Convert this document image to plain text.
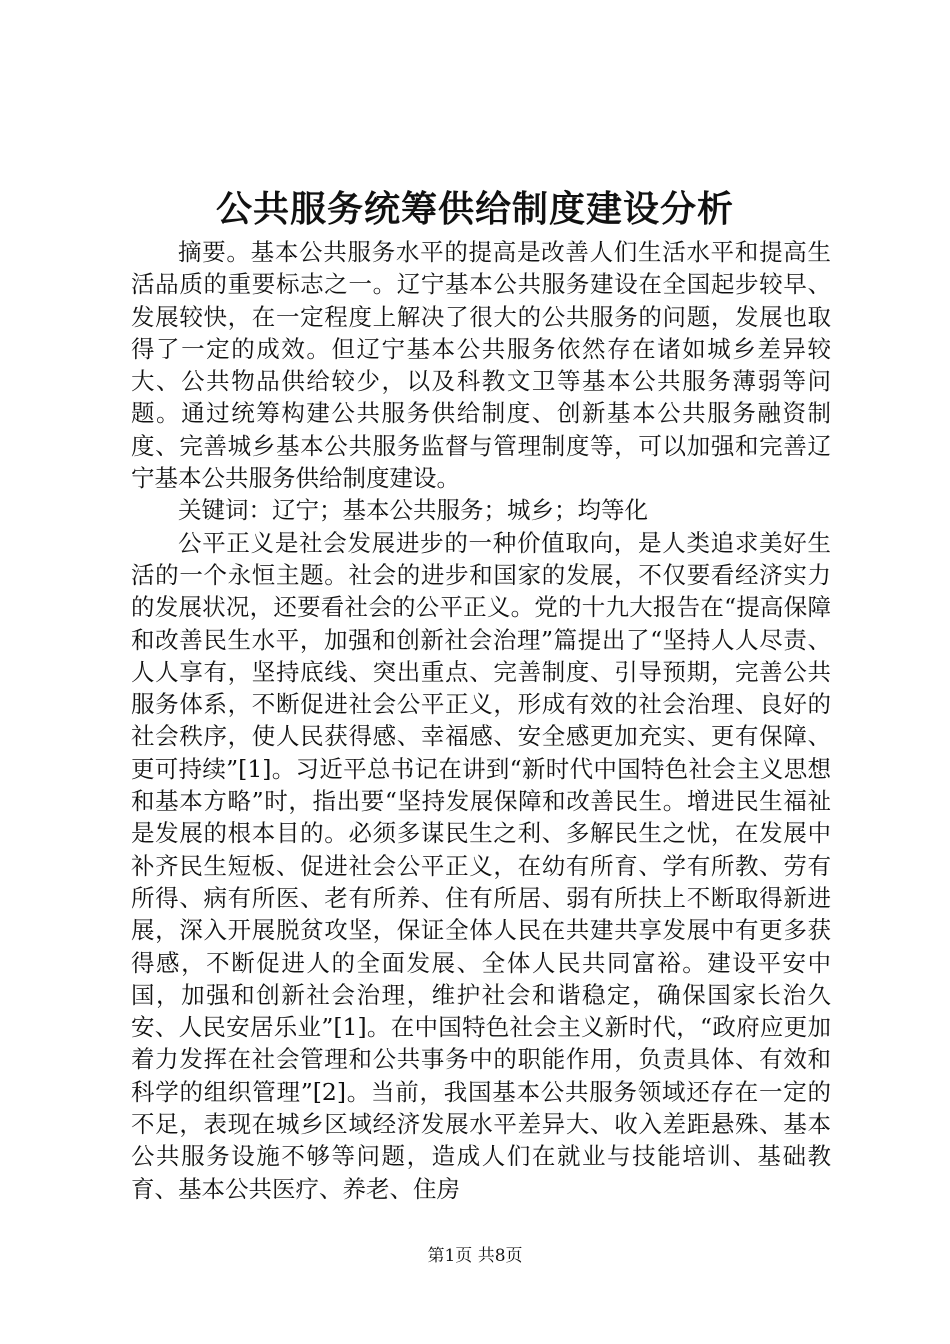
公共服务统筹供给制度建设分析

摘要。基本公共服务水平的提高是改善人们生活水平和提高生活品质的重要标志之一。辽宁基本公共服务建设在全国起步较早、发展较快，在一定程度上解决了很大的公共服务的问题，发展也取得了一定的成效。但辽宁基本公共服务依然存在诸如城乡差异较大、公共物品供给较少，以及科教文卫等基本公共服务薄弱等问题。通过统筹构建公共服务供给制度、创新基本公共服务融资制度、完善城乡基本公共服务监督与管理制度等，可以加强和完善辽宁基本公共服务供给制度建设。

关键词：辽宁；基本公共服务；城乡；均等化

公平正义是社会发展进步的一种价值取向，是人类追求美好生活的一个永恒主题。社会的进步和国家的发展，不仅要看经济实力的发展状况，还要看社会的公平正义。党的十九大报告在“提高保障和改善民生水平，加强和创新社会治理”篇提出了“坚持人人尽责、人人享有，坚持底线、突出重点、完善制度、引导预期，完善公共服务体系，不断促进社会公平正义，形成有效的社会治理、良好的社会秩序，使人民获得感、幸福感、安全感更加充实、更有保障、更可持续”[1]。习近平总书记在讲到“新时代中国特色社会主义思想和基本方略”时，指出要“坚持发展保障和改善民生。增进民生福祉是发展的根本目的。必须多谋民生之利、多解民生之忧，在发展中补齐民生短板、促进社会公平正义，在幼有所育、学有所教、劳有所得、病有所医、老有所养、住有所居、弱有所扶上不断取得新进展，深入开展脱贫攻坚，保证全体人民在共建共享发展中有更多获得感，不断促进人的全面发展、全体人民共同富裕。建设平安中国，加强和创新社会治理，维护社会和谐稳定，确保国家长治久安、人民安居乐业”[1]。在中国特色社会主义新时代，“政府应更加着力发挥在社会管理和公共事务中的职能作用，负责具体、有效和科学的组织管理”[2]。当前，我国基本公共服务领域还存在一定的不足，表现在城乡区域经济发展水平差异大、收入差距悬殊、基本公共服务设施不够等问题，造成人们在就业与技能培训、基础教育、基本公共医疗、养老、住房

第1页 共8页
